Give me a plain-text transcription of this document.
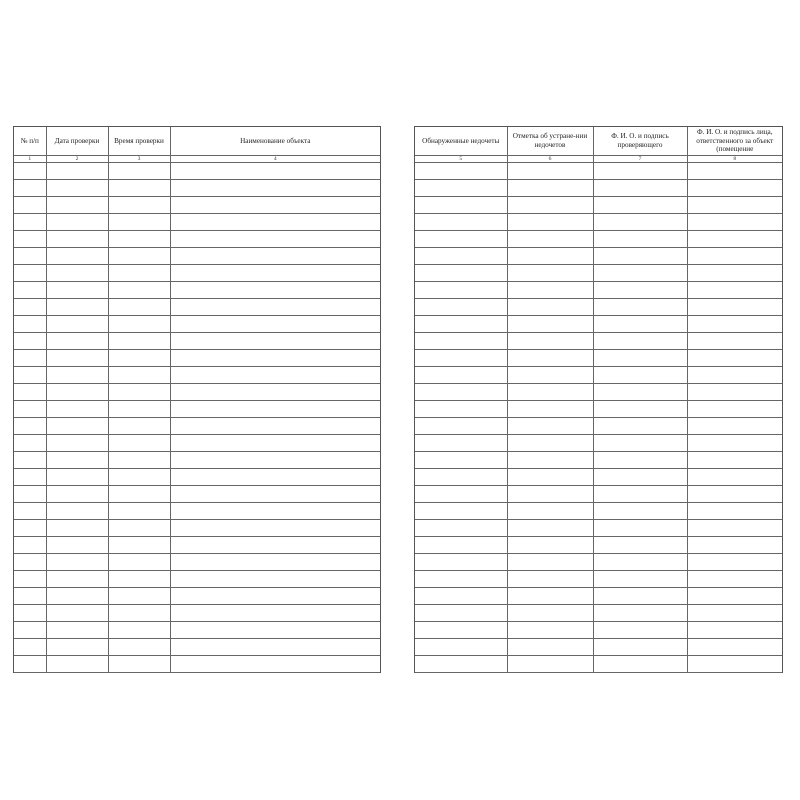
№ п/п	Дата проверки	Время проверки	Наименование объекта
1	2	3	4

Обнаруженные недочеты	Отметка об устране-нии недочетов	Ф. И. О. и подпись проверяющего	Ф. И. О. и подпись лица, ответственного за объект (помещение
5	6	7	8
